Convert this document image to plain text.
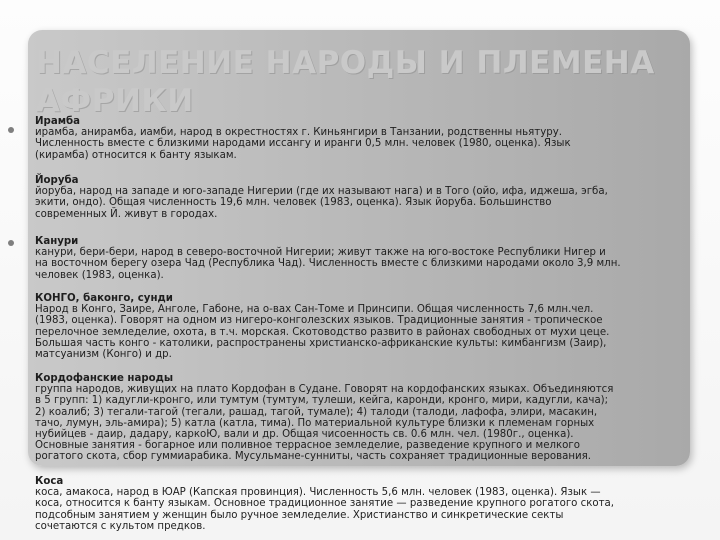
НАСЕЛЕНИЕ НАРОДЫ И ПЛЕМЕНА АФРИКИ
Ирамба
ирамба, анирамба, иамби, народ в окрестностях г. Киньянгири в Танзании, родственны ньятуру.
Численность вместе с близкими народами иссангу и иранги 0,5 млн. человек (1980, оценка). Язык
(кирамба) относится к банту языкам.
Йоруба
йоруба, народ на западе и юго-западе Нигерии (где их называют нага) и в Того (ойо, ифа, иджеша, эгба,
экити, ондо). Общая численность 19,6 млн. человек (1983, оценка). Язык йоруба. Большинство
современных Й. живут в городах.
Канури
канури, бери-бери, народ в северо-восточной Нигерии; живут также на юго-востоке Республики Нигер и
на восточном берегу озера Чад (Республика Чад). Численность вместе с близкими народами около 3,9 млн.
человек (1983, оценка).
КОНГО, баконго, сунди
Народ в Конго, Заире, Анголе, Габоне, на о-вах Сан-Томе и Принсипи. Общая численность 7,6 млн.чел.
(1983, оценка). Говорят на одном из нигеро-конголезских языков. Традиционные занятия - тропическое
перелочное земледелие, охота, в т.ч. морская. Скотоводство развито в районах свободных от мухи цеце.
Большая часть конго - католики, распространены христианско-африканские культы: кимбангизм (Заир),
матсуанизм (Конго) и др.
Кордофанские народы
группа народов, живущих на плато Кордофан в Судане. Говорят на кордофанских языках. Объединяются
в 5 групп: 1) кадугли-кронго, или тумтум (тумтум, тулеши, кейга, каронди, кронго, мири, кадугли, кача);
2) коалиб; 3) тегали-тагой (тегали, рашад, тагой, тумале); 4) талоди (талоди, лафофа, элири, масакин,
тачо, лумун, эль-амира); 5) катла (катла, тима). По материальной культуре близки к племенам горных
нубийцев - даир, дадару, каркоЮ, вали и др. Общая чисоенность св. 0.6 млн. чел. (1980г., оценка).
Основные занятия - богарное или поливное террасное земледелие, разведение крупного и мелкого
рогатого скота, сбор гуммиарабика. Мусульмане-сунниты, часть сохраняет традиционные верования.
Коса
коса, амакоса, народ в ЮАР (Капская провинция). Численность 5,6 млн. человек (1983, оценка). Язык —
коса, относится к банту языкам. Основное традиционное занятие — разведение крупного рогатого скота,
подсобным занятием у женщин было ручное земледелие. Христианство и синкретические секты
сочетаются с культом предков.
